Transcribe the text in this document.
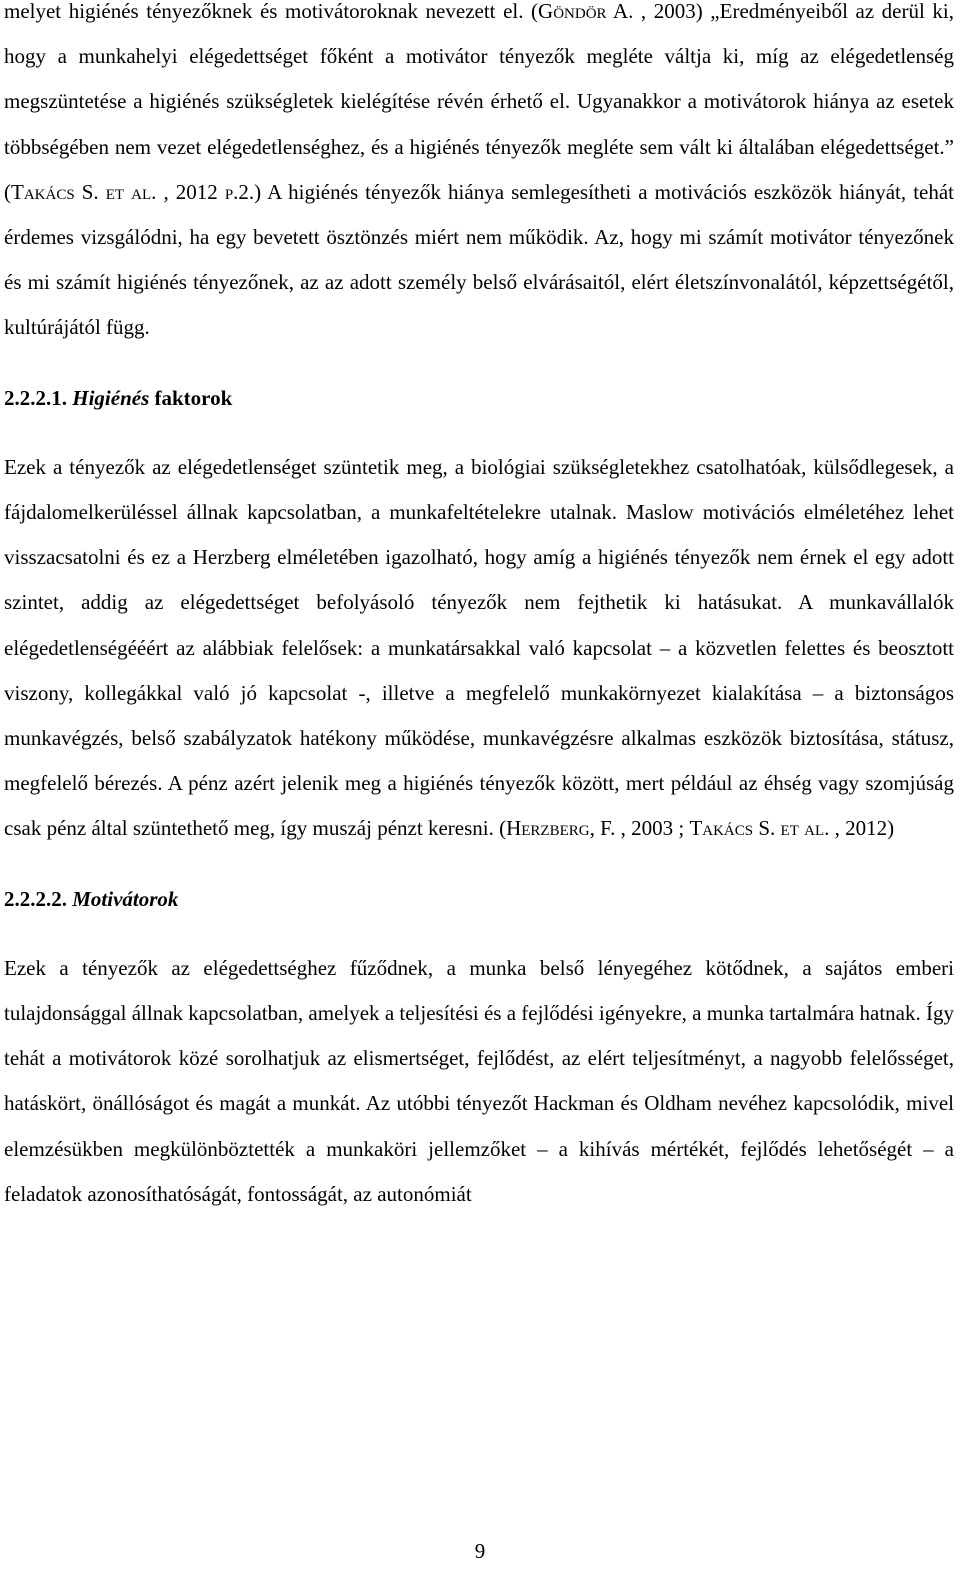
melyet higiénés tényezőknek és motivátoroknak nevezett el. (Göndör A. , 2003) „Eredményeiből az derül ki, hogy a munkahelyi elégedettséget főként a motivátor tényezők megléte váltja ki, míg az elégedetlenség megszüntetése a higiénés szükségletek kielégítése révén érhető el. Ugyanakkor a motivátorok hiánya az esetek többségében nem vezet elégedetlenséghez, és a higiénés tényezők megléte sem vált ki általában elégedettséget.” (Takács S. et al. , 2012 p.2.) A higiénés tényezők hiánya semlegesítheti a motivációs eszközök hiányát, tehát érdemes vizsgálódni, ha egy bevetett ösztönzés miért nem működik. Az, hogy mi számít motivátor tényezőnek és mi számít higiénés tényezőnek, az az adott személy belső elvárásaitól, elért életszínvonalától, képzettségétől, kultúrájától függ.

2.2.2.1. Higiénés faktorok

Ezek a tényezők az elégedetlenséget szüntetik meg, a biológiai szükségletekhez csatolhatóak, külsődlegesek, a fájdalomelkerüléssel állnak kapcsolatban, a munkafeltételekre utalnak. Maslow motivációs elméletéhez lehet visszacsatolni és ez a Herzberg elméletében igazolható, hogy amíg a higiénés tényezők nem érnek el egy adott szintet, addig az elégedettséget befolyásoló tényezők nem fejthetik ki hatásukat. A munkavállalók elégedetlenségééért az alábbiak felelősek: a munkatársakkal való kapcsolat – a közvetlen felettes és beosztott viszony, kollegákkal való jó kapcsolat -, illetve a megfelelő munkakörnyezet kialakítása – a biztonságos munkavégzés, belső szabályzatok hatékony működése, munkavégzésre alkalmas eszközök biztosítása, státusz, megfelelő bérezés. A pénz azért jelenik meg a higiénés tényezők között, mert például az éhség vagy szomjúság csak pénz által szüntethető meg, így muszáj pénzt keresni. (Herzberg, F. , 2003 ; Takács S. et al. , 2012)

2.2.2.2. Motivátorok

Ezek a tényezők az elégedettséghez fűződnek, a munka belső lényegéhez kötődnek, a sajátos emberi tulajdonsággal állnak kapcsolatban, amelyek a teljesítési és a fejlődési igényekre, a munka tartalmára hatnak. Így tehát a motivátorok közé sorolhatjuk az elismertséget, fejlődést, az elért teljesítményt, a nagyobb felelősséget, hatáskört, önállóságot és magát a munkát. Az utóbbi tényezőt Hackman és Oldham nevéhez kapcsolódik, mivel elemzésükben megkülönböztették a munkaköri jellemzőket – a kihívás mértékét, fejlődés lehetőségét – a feladatok azonosíthatóságát, fontosságát, az autonómiát

9
